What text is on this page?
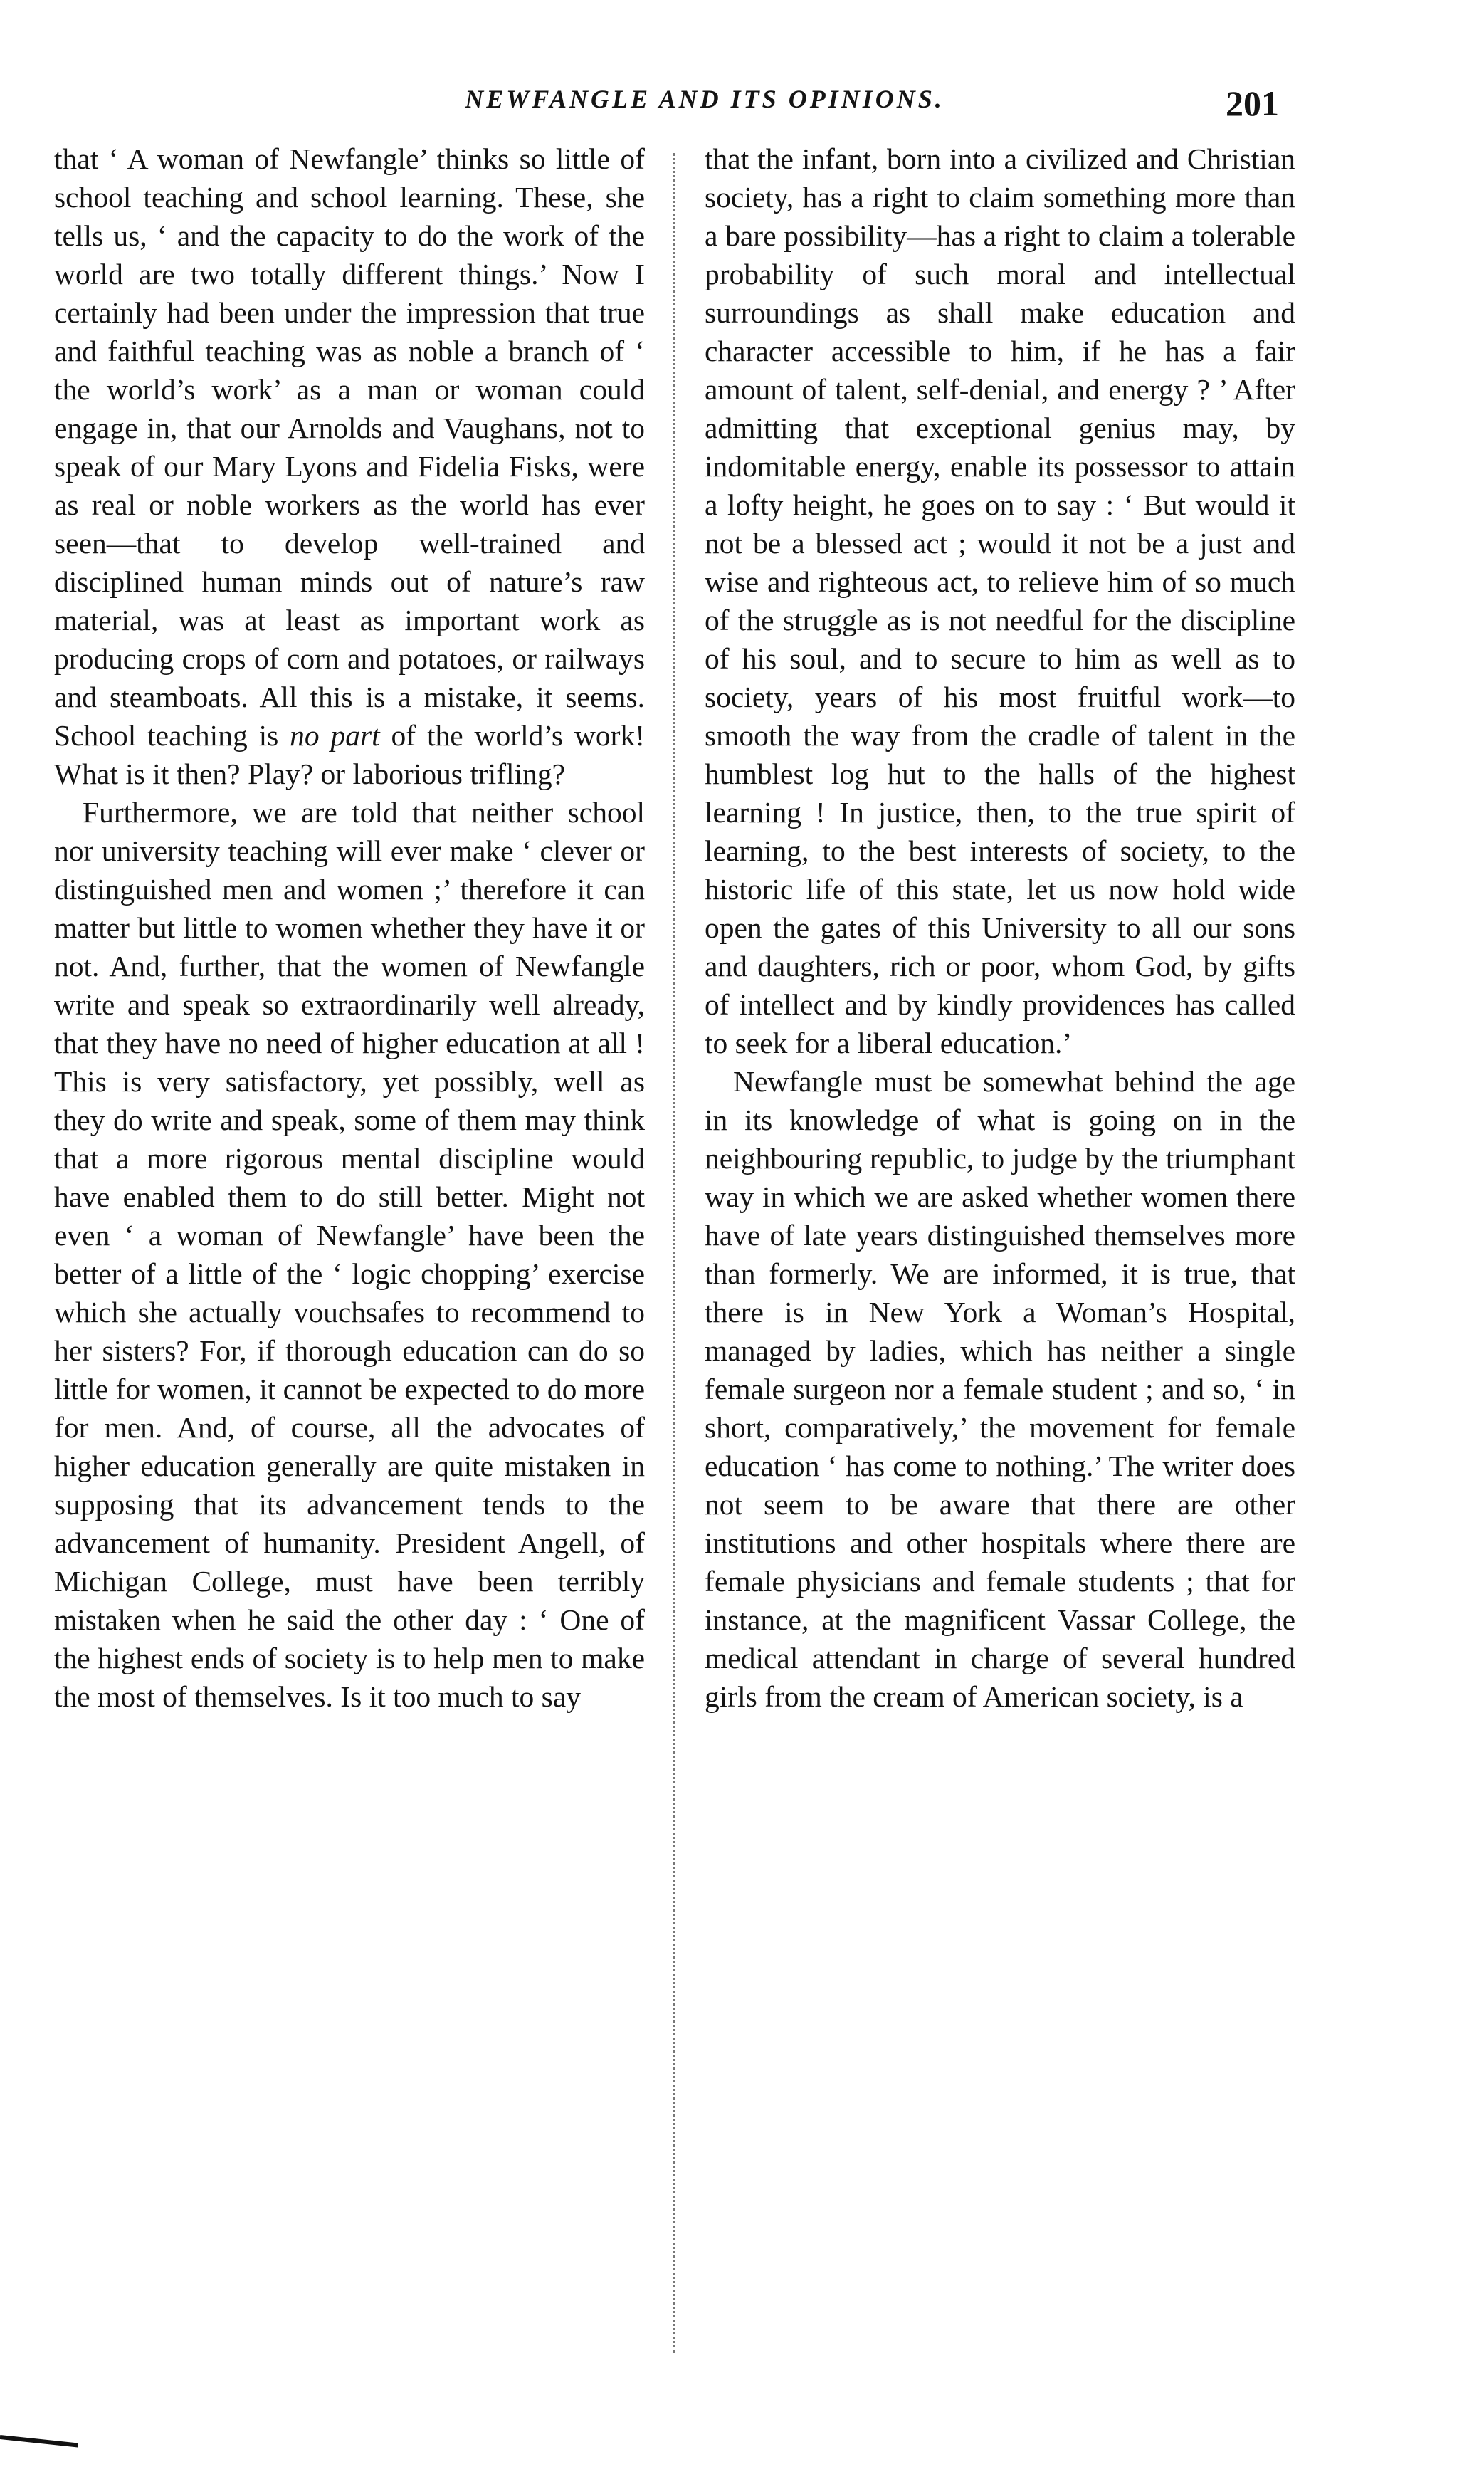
NEWFANGLE AND ITS OPINIONS.	201

that ‘ A woman of Newfangle’ thinks so little of school teaching and school learning. These, she tells us, ‘ and the capacity to do the work of the world are two totally different things.’ Now I certainly had been under the impression that true and faithful teaching was as noble a branch of ‘ the world’s work’ as a man or woman could engage in, that our Arnolds and Vaughans, not to speak of our Mary Lyons and Fidelia Fisks, were as real or noble workers as the world has ever seen—that to develop well-trained and disciplined human minds out of nature’s raw material, was at least as important work as producing crops of corn and potatoes, or railways and steamboats. All this is a mistake, it seems. School teaching is no part of the world’s work! What is it then? Play? or laborious trifling?

Furthermore, we are told that neither school nor university teaching will ever make ‘ clever or distinguished men and women ;’ therefore it can matter but little to women whether they have it or not. And, further, that the women of Newfangle write and speak so extraordinarily well already, that they have no need of higher education at all ! This is very satisfactory, yet possibly, well as they do write and speak, some of them may think that a more rigorous mental discipline would have enabled them to do still better. Might not even ‘ a woman of Newfangle’ have been the better of a little of the ‘ logic chopping’ exercise which she actually vouchsafes to recommend to her sisters? For, if thorough education can do so little for women, it cannot be expected to do more for men. And, of course, all the advocates of higher education generally are quite mistaken in supposing that its advancement tends to the advancement of humanity. President Angell, of Michigan College, must have been terribly mistaken when he said the other day : ‘ One of the highest ends of society is to help men to make the most of themselves. Is it too much to say

that the infant, born into a civilized and Christian society, has a right to claim something more than a bare possibility—has a right to claim a tolerable probability of such moral and intellectual surroundings as shall make education and character accessible to him, if he has a fair amount of talent, self-denial, and energy ? ’ After admitting that exceptional genius may, by indomitable energy, enable its possessor to attain a lofty height, he goes on to say : ‘ But would it not be a blessed act ; would it not be a just and wise and righteous act, to relieve him of so much of the struggle as is not needful for the discipline of his soul, and to secure to him as well as to society, years of his most fruitful work—to smooth the way from the cradle of talent in the humblest log hut to the halls of the highest learning ! In justice, then, to the true spirit of learning, to the best interests of society, to the historic life of this state, let us now hold wide open the gates of this University to all our sons and daughters, rich or poor, whom God, by gifts of intellect and by kindly providences has called to seek for a liberal education.’

Newfangle must be somewhat behind the age in its knowledge of what is going on in the neighbouring republic, to judge by the triumphant way in which we are asked whether women there have of late years distinguished themselves more than formerly. We are informed, it is true, that there is in New York a Woman’s Hospital, managed by ladies, which has neither a single female surgeon nor a female student ; and so, ‘ in short, comparatively,’ the movement for female education ‘ has come to nothing.’ The writer does not seem to be aware that there are other institutions and other hospitals where there are female physicians and female students ; that for instance, at the magnificent Vassar College, the medical attendant in charge of several hundred girls from the cream of American society, is a
